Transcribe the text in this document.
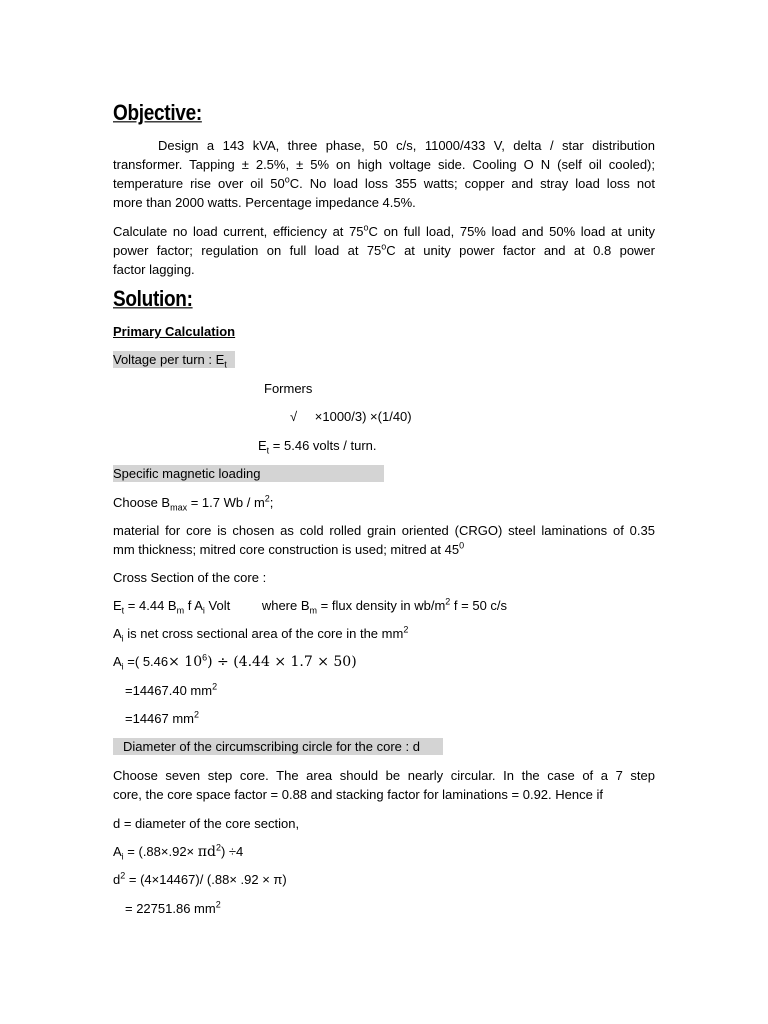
Objective:
Design a 143 kVA, three phase, 50 c/s, 11000/433 V, delta / star distribution
transformer. Tapping ± 2.5%, ± 5% on high voltage side. Cooling O N (self oil cooled);
temperature rise over oil 50$^o$C. No load loss 355 watts; copper and stray load loss not
more than 2000 watts. Percentage impedance 4.5%.
Calculate no load current, efficiency at 75$^o$C on full load, 75% load and 50% load at unity
power factor; regulation on full load at 75$^o$C at unity power factor and at 0.8 power
factor lagging.
Solution:
Primary Calculation
Voltage per turn : $E_t$
Formers
√ ×1000/3) ×(1/40)
$E_t = 5.46$ volts / turn.
Specific magnetic loading
Choose $B_{max} = 1.7$ Wb / $m^2$;
material for core is chosen as cold rolled grain oriented (CRGO) steel laminations of 0.35
mm thickness; mitred core construction is used; mitred at $45^0$
Cross Section of the core :
$E_t = 4.44$ $B_m$ f $A_i$ Volt where $B_m$ = flux density in $wb/m^2$ f = 50 c/s
$A_i$ is net cross sectional area of the core in the $mm^2$
$A_i$ =( $5.46\times 10^6) \div (4.44 \times 1.7 \times 50)$
=14467.40 $mm^2$
=14467 $mm^2$
Diameter of the circumscribing circle for the core : d
Choose seven step core. The area should be nearly circular. In the case of a 7 step
core, the core space factor = 0.88 and stacking factor for laminations = 0.92. Hence if
d = diameter of the core section,
$A_i = (.88\times.92\times \pi d^2) \div 4$
$d^2 = (4\times 14467)/$ (.88× .92 × π)
= 22751.86 $mm^2$
